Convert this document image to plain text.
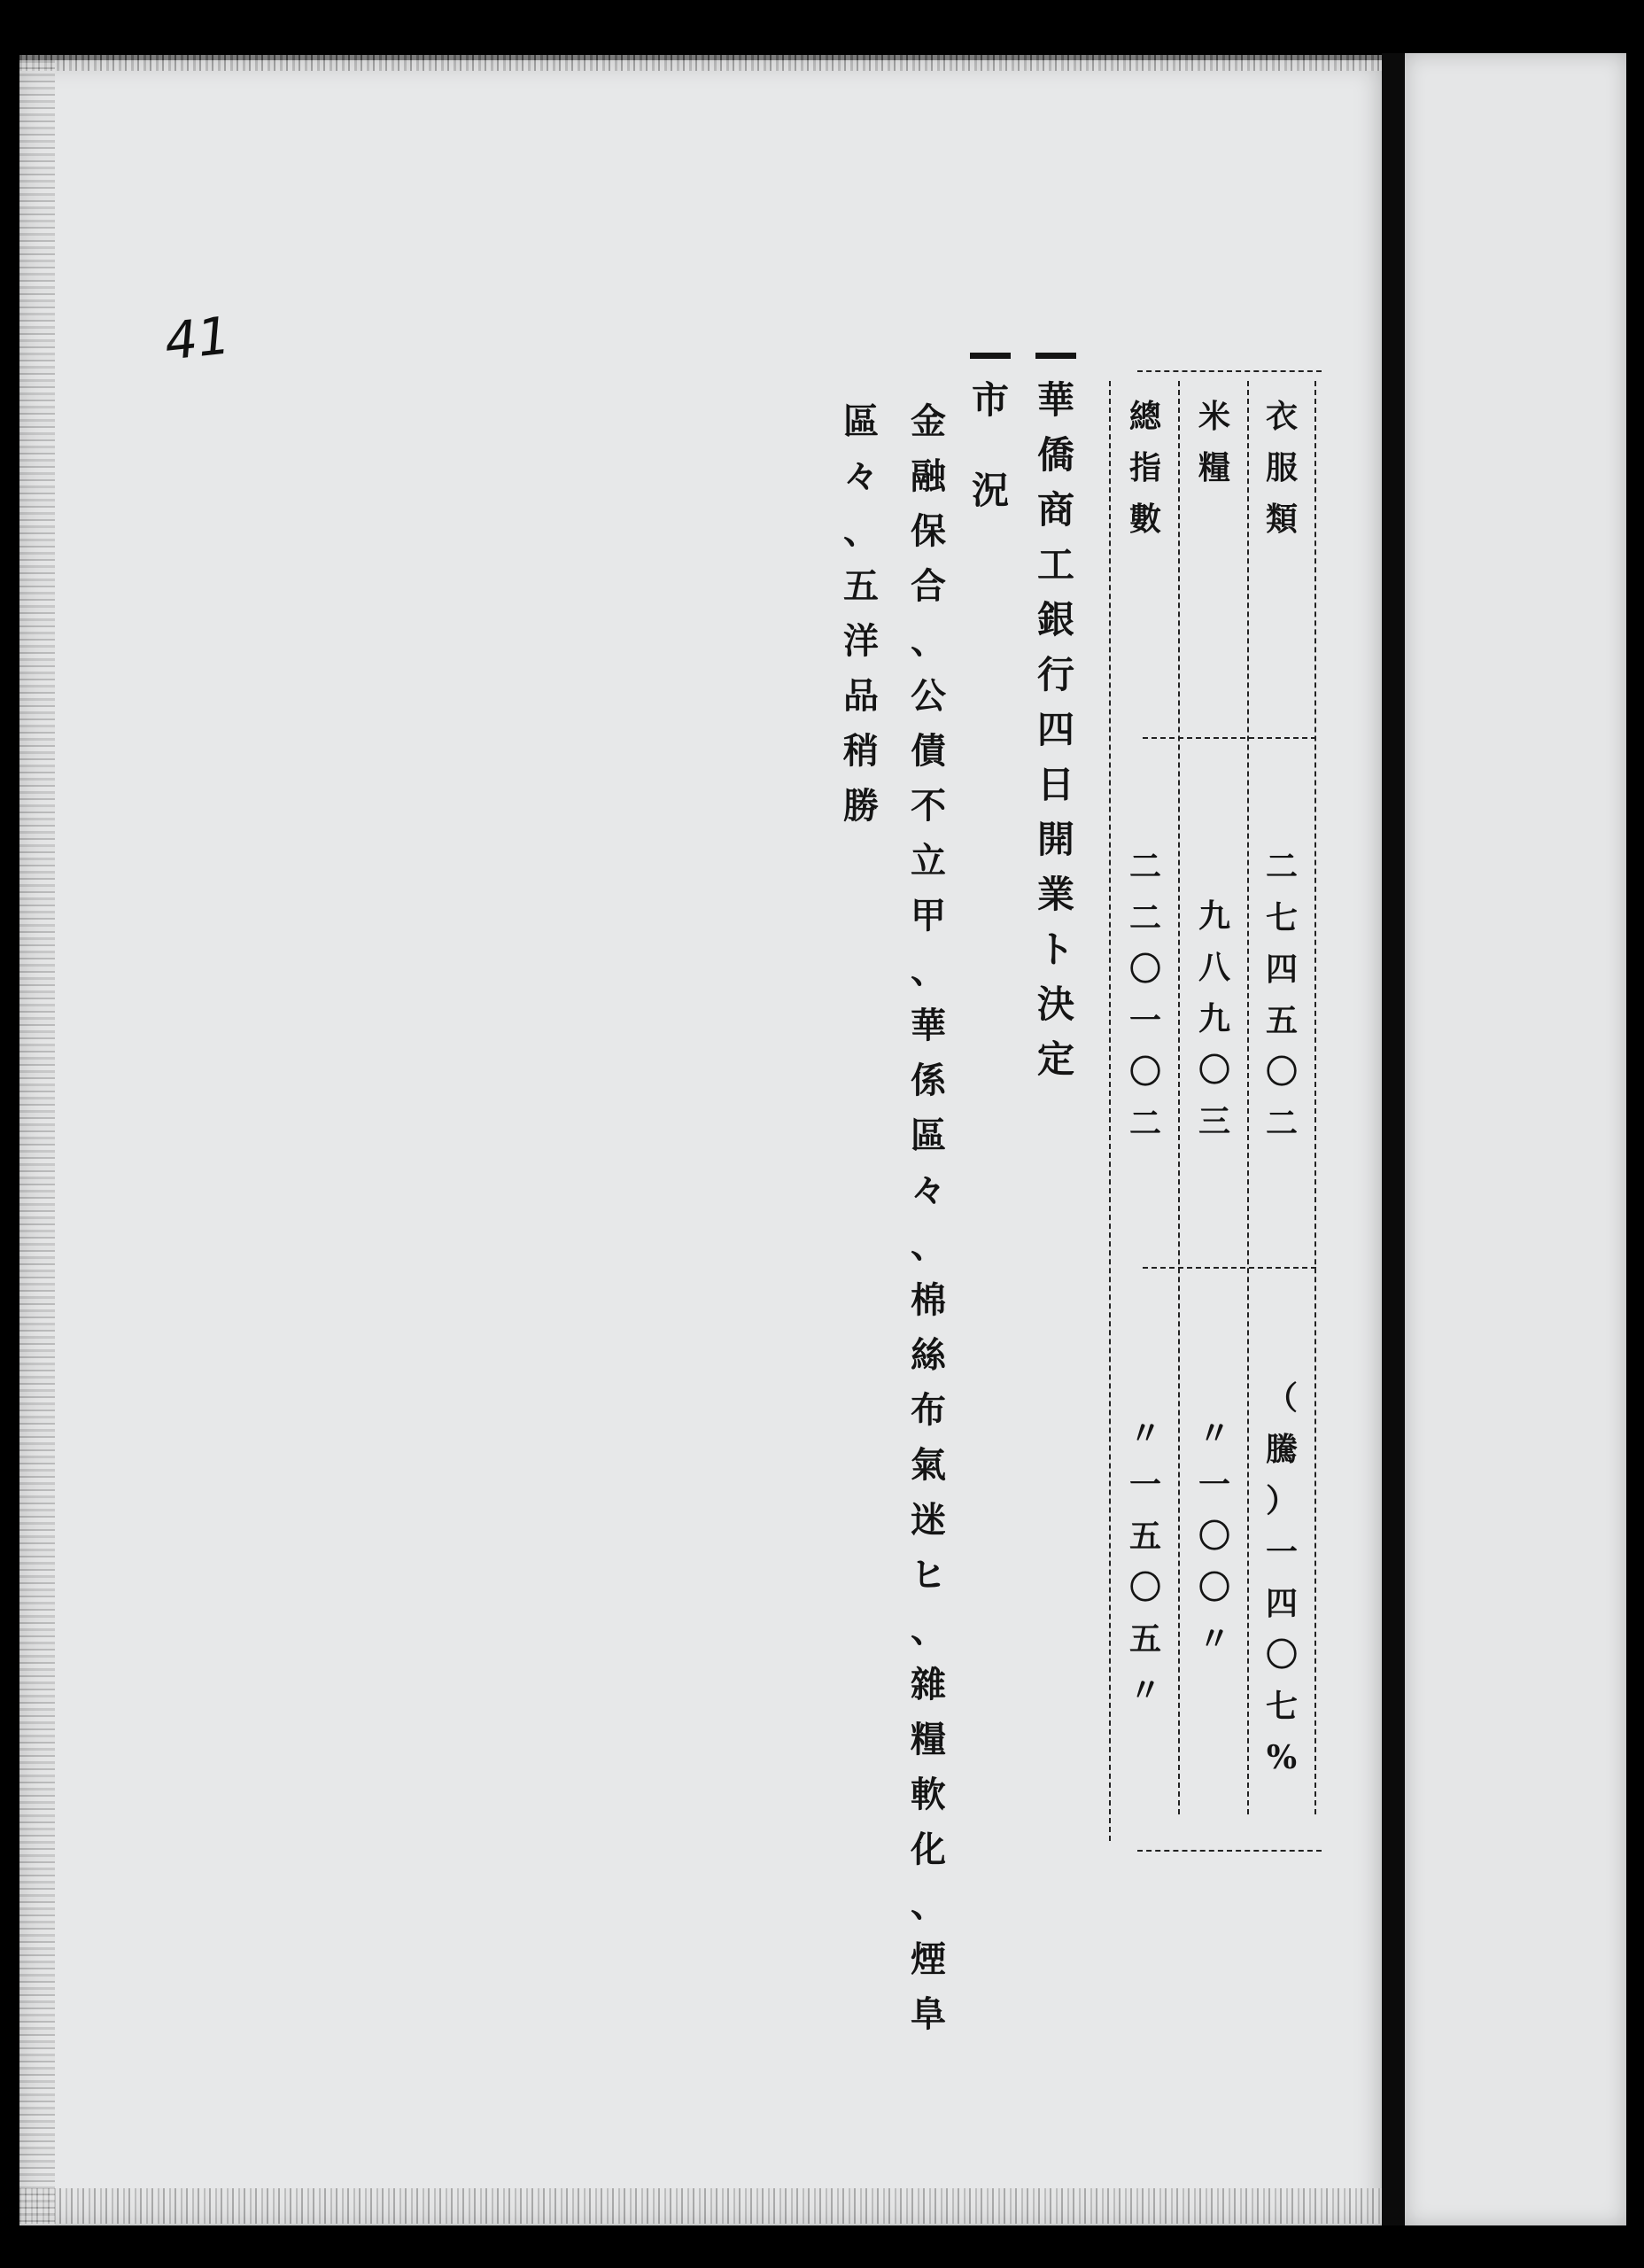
41
衣
服
類
米
糧
總
指
數
二
七
四
五
〇
二
九
八
九
〇
三
二
二
〇
一
〇
二
（
騰
）
一
四
〇
七
%
〃
一
〇
〇
〃
〃
一
五
〇
五
〃
華
僑
商
工
銀
行
四
日
開
業
ト
決
定
市
況
金
融
保
合
、
公
債
不
立
甲
、
華
係
區
々
、
棉
絲
布
氣
迷
ヒ
、
雜
糧
軟
化
、
煙
阜
區
々
、
五
洋
品
稍
勝
